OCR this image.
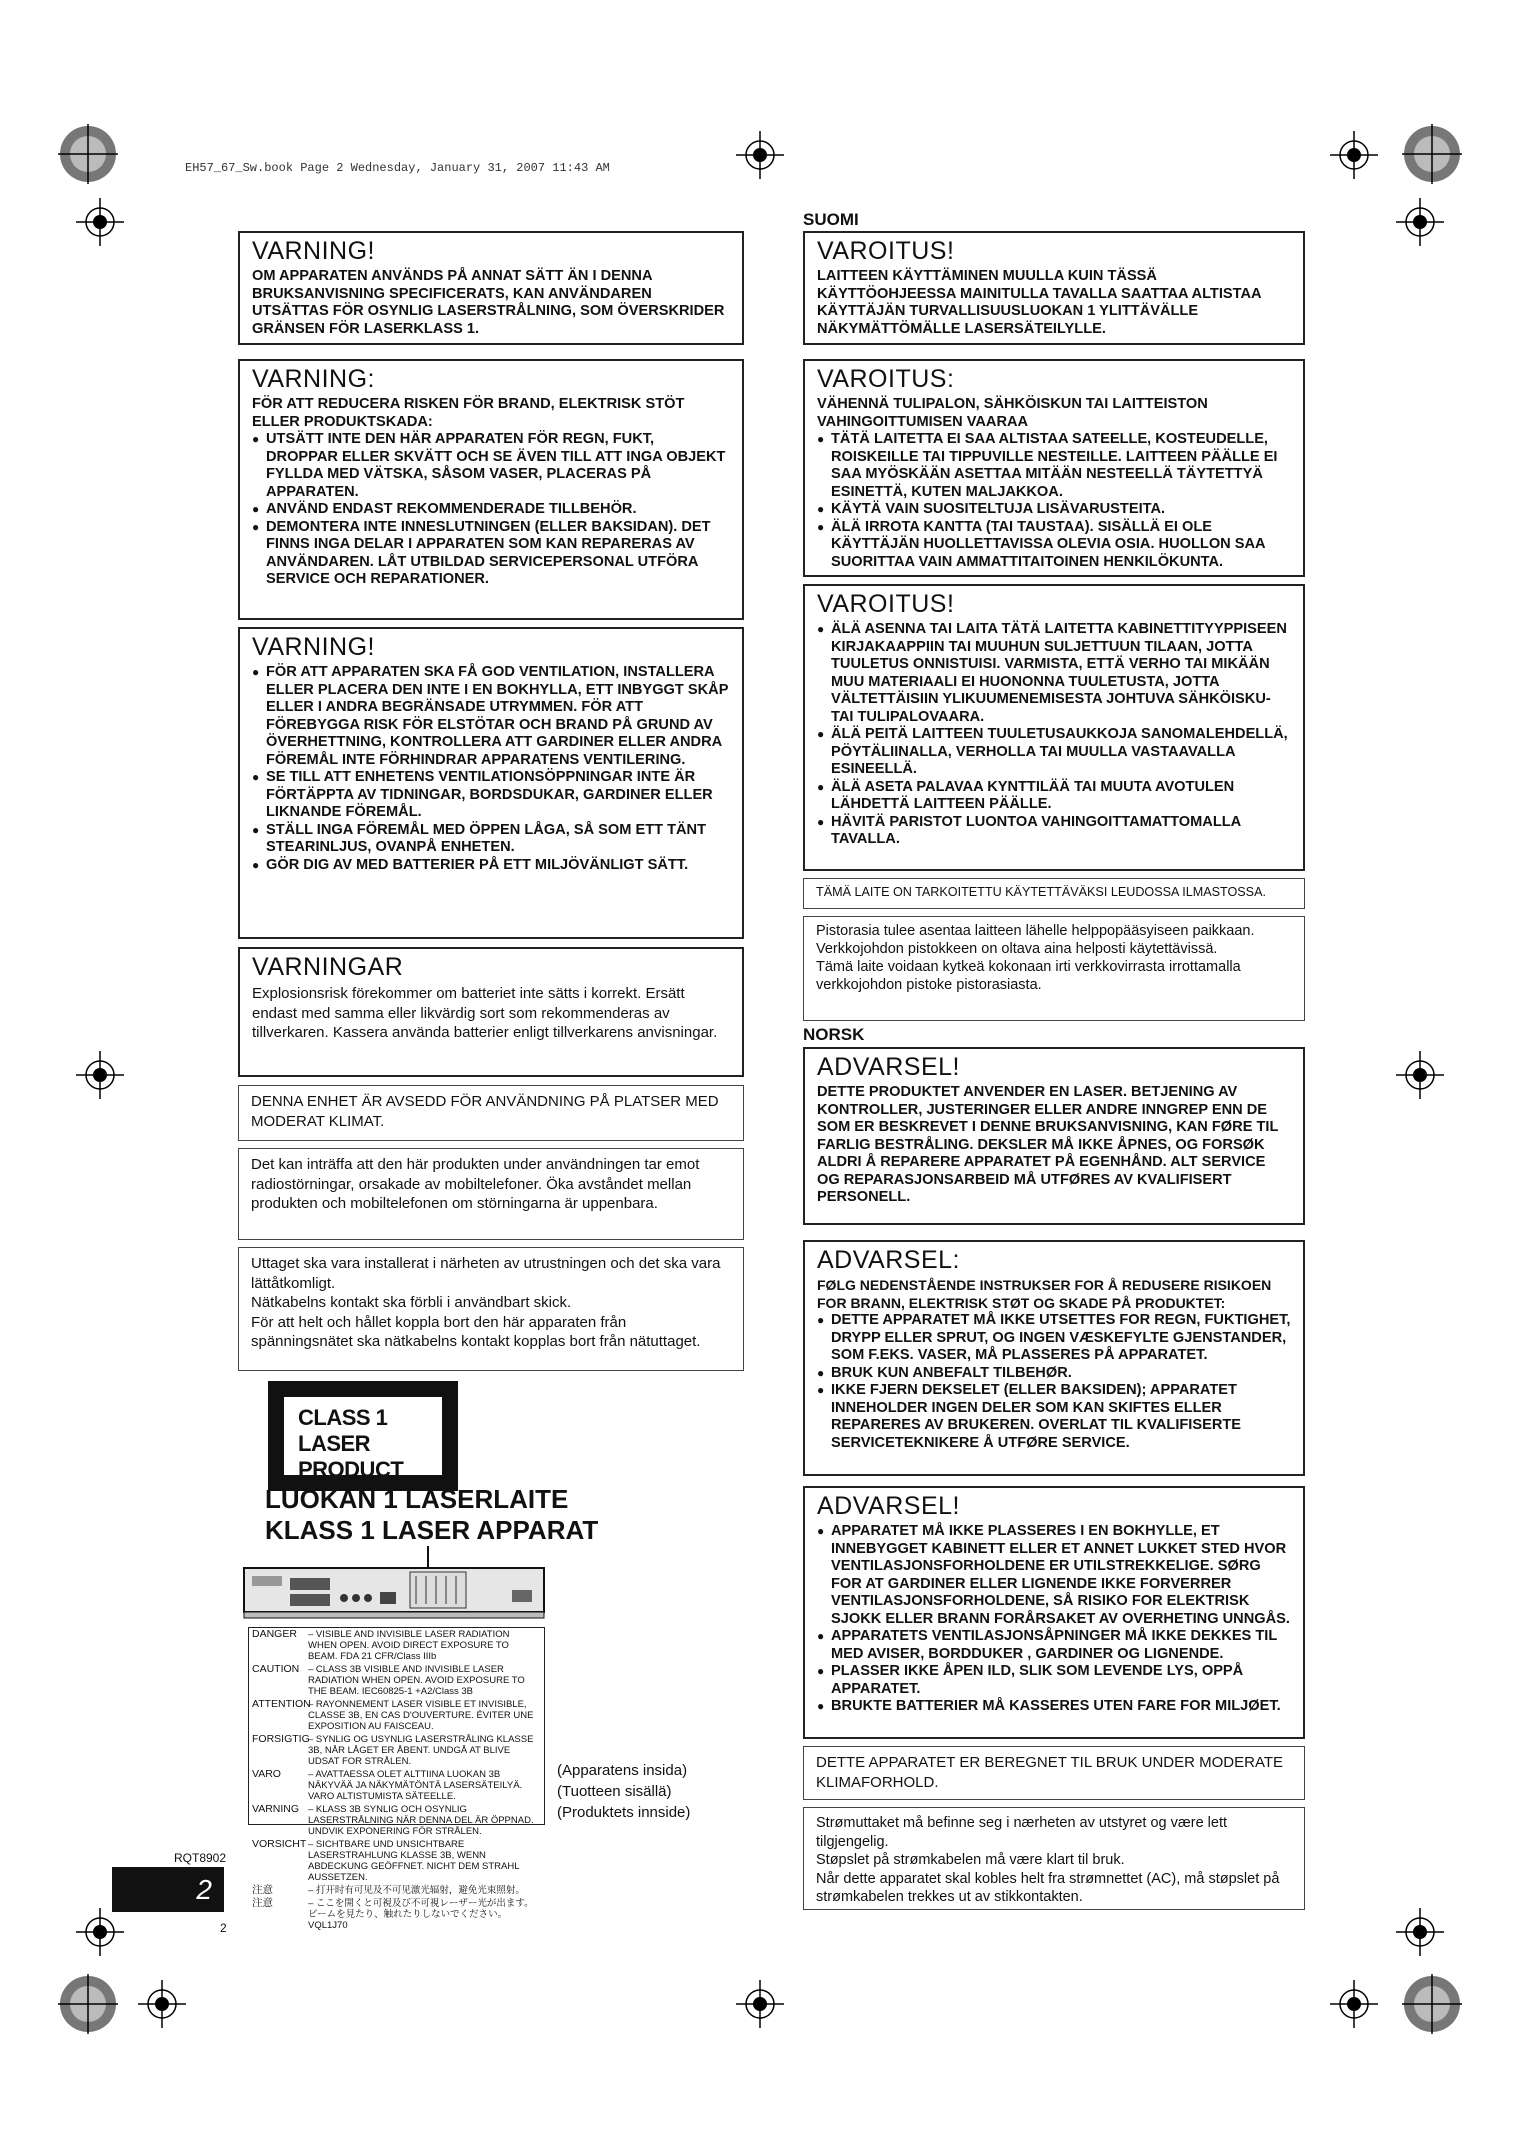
EH57_67_Sw.book Page 2 Wednesday, January 31, 2007 11:43 AM
VARNING!
OM APPARATEN ANVÄNDS PÅ ANNAT SÄTT ÄN I DENNA BRUKSANVISNING SPECIFICERATS, KAN ANVÄNDAREN UTSÄTTAS FÖR OSYNLIG LASERSTRÅLNING, SOM ÖVERSKRIDER GRÄNSEN FÖR LASERKLASS 1.
VARNING:
FÖR ATT REDUCERA RISKEN FÖR BRAND, ELEKTRISK STÖT ELLER PRODUKTSKADA:
● UTSÄTT INTE DEN HÄR APPARATEN FÖR REGN, FUKT, DROPPAR ELLER SKVÄTT OCH SE ÄVEN TILL ATT INGA OBJEKT FYLLDA MED VÄTSKA, SÅSOM VASER, PLACERAS PÅ APPARATEN.
● ANVÄND ENDAST REKOMMENDERADE TILLBEHÖR.
● DEMONTERA INTE INNESLUTNINGEN (ELLER BAKSIDAN). DET FINNS INGA DELAR I APPARATEN SOM KAN REPARERAS AV ANVÄNDAREN. LÅT UTBILDAD SERVICEPERSONAL UTFÖRA SERVICE OCH REPARATIONER.
VARNING!
● FÖR ATT APPARATEN SKA FÅ GOD VENTILATION, INSTALLERA ELLER PLACERA DEN INTE I EN BOKHYLLA, ETT INBYGGT SKÅP ELLER I ANDRA BEGRÄNSADE UTRYMMEN. FÖR ATT FÖREBYGGA RISK FÖR ELSTÖTAR OCH BRAND PÅ GRUND AV ÖVERHETTNING, KONTROLLERA ATT GARDINER ELLER ANDRA FÖREMÅL INTE FÖRHINDRAR APPARATENS VENTILERING.
● SE TILL ATT ENHETENS VENTILATIONSÖPPNINGAR INTE ÄR FÖRTÄPPTA AV TIDNINGAR, BORDSDUKAR, GARDINER ELLER LIKNANDE FÖREMÅL.
● STÄLL INGA FÖREMÅL MED ÖPPEN LÅGA, SÅ SOM ETT TÄNT STEARINLJUS, OVANPÅ ENHETEN.
● GÖR DIG AV MED BATTERIER PÅ ETT MILJÖVÄNLIGT SÄTT.
VARNINGAR
Explosionsrisk förekommer om batteriet inte sätts i korrekt. Ersätt endast med samma eller likvärdig sort som rekommenderas av tillverkaren. Kassera använda batterier enligt tillverkarens anvisningar.
DENNA ENHET ÄR AVSEDD FÖR ANVÄNDNING PÅ PLATSER MED MODERAT KLIMAT.
Det kan inträffa att den här produkten under användningen tar emot radiostörningar, orsakade av mobiltelefoner. Öka avståndet mellan produkten och mobiltelefonen om störningarna är uppenbara.

Uttaget ska vara installerat i närheten av utrustningen och det ska vara lättåtkomligt.

Nätkabelns kontakt ska förbli i användbart skick.

För att helt och hållet koppla bort den här apparaten från spänningsnätet ska nätkabelns kontakt kopplas bort från nätuttaget.

CLASS 1
LASER PRODUCT
LUOKAN 1 LASERLAITE
KLASS 1 LASER APPARAT
DANGER	– VISIBLE AND INVISIBLE LASER RADIATION WHEN OPEN. AVOID DIRECT EXPOSURE TO BEAM. FDA 21 CFR/Class IIIb
CAUTION – CLASS 3B VISIBLE AND INVISIBLE LASER RADIATION WHEN OPEN. AVOID EXPOSURE TO THE BEAM. IEC60825-1 +A2/Class 3B
ATTENTION
– RAYONNEMENT LASER VISIBLE ET INVISIBLE, CLASSE 3B, EN CAS D'OUVERTURE. ÉVITER UNE EXPOSITION AU FAISCEAU.
FORSIGTIG
– SYNLIG OG USYNLIG LASERSTRÅLING KLASSE 3B, NÅR LÅGET ER ÅBENT. UNDGÅ AT BLIVE UDSAT FOR STRÅLEN.
VARO	– AVATTAESSA OLET ALTTIINA LUOKAN 3B NÄKYVÄÄ JA NÄKYMÄTÖNTÄ LASERSÄTEILYÄ. VARO ALTISTUMISTA SÄTEELLE.
VARNING – KLASS 3B SYNLIG OCH OSYNLIG LASERSTRÅLNING NÄR DENNA DEL ÄR ÖPPNAD. UNDVIK EXPONERING FÖR STRÅLEN.
VORSICHT – SICHTBARE UND UNSICHTBARE LASERSTRAHLUNG KLASSE 3B, WENN ABDECKUNG GEÖFFNET. NICHT DEM STRAHL AUSSETZEN.
注意	– 打开时有可见及不可见激光辐射，避免光束照射。
注意	– ここを開くと可視及び不可視レーザー光が出ます。ビームを見たり、触れたりしないでください。 VQL1J70
(Apparatens insida)
(Tuotteen sisällä)
(Produktets innside)
RQT8902
2
2
SUOMI
VAROITUS!
LAITTEEN KÄYTTÄMINEN MUULLA KUIN TÄSSÄ KÄYTTÖOHJEESSA MAINITULLA TAVALLA SAATTAA ALTISTAA KÄYTTÄJÄN TURVALLISUUSLUOKAN 1 YLITTÄVÄLLE NÄKYMÄTTÖMÄLLE LASERSÄTEILYLLE.
VAROITUS:
VÄHENNÄ TULIPALON, SÄHKÖISKUN TAI LAITTEISTON VAHINGOITTUMISEN VAARAA
● TÄTÄ LAITETTA EI SAA ALTISTAA SATEELLE, KOSTEUDELLE, ROISKEILLE TAI TIPPUVILLE NESTEILLE. LAITTEEN PÄÄLLE EI SAA MYÖSKÄÄN ASETTAA MITÄÄN NESTEELLÄ TÄYTETTYÄ ESINETTÄ, KUTEN MALJAKKOA.
● KÄYTÄ VAIN SUOSITELTUJA LISÄVARUSTEITA.
● ÄLÄ IRROTA KANTTA (TAI TAUSTAA). SISÄLLÄ EI OLE KÄYTTÄJÄN HUOLLETTAVISSA OLEVIA OSIA. HUOLLON SAA SUORITTAA VAIN AMMATTITAITOINEN HENKILÖKUNTA.
VAROITUS!
● ÄLÄ ASENNA TAI LAITA TÄTÄ LAITETTA KABINETTITYYPPISEEN KIRJAKAAPPIIN TAI MUUHUN SULJETTUUN TILAAN, JOTTA TUULETUS ONNISTUISI. VARMISTA, ETTÄ VERHO TAI MIKÄÄN MUU MATERIAALI EI HUONONNA TUULETUSTA, JOTTA VÄLTETTÄISIIN YLIKUUMENEMISESTA JOHTUVA SÄHKÖISKU- TAI TULIPALOVAARA.
● ÄLÄ PEITÄ LAITTEEN TUULETUSAUKKOJA SANOMALEHDELLÄ, PÖYTÄLIINALLA, VERHOLLA TAI MUULLA VASTAAVALLA ESINEELLÄ.
● ÄLÄ ASETA PALAVAA KYNTTILÄÄ TAI MUUTA AVOTULEN LÄHDETTÄ LAITTEEN PÄÄLLE.
● HÄVITÄ PARISTOT LUONTOA VAHINGOITTAMATTOMALLA TAVALLA.
TÄMÄ LAITE ON TARKOITETTU KÄYTETTÄVÄKSI LEUDOSSA ILMASTOSSA.

Pistorasia tulee asentaa laitteen lähelle helppopääsyiseen paikkaan.

Verkkojohdon pistokkeen on oltava aina helposti käytettävissä.

Tämä laite voidaan kytkeä kokonaan irti verkkovirrasta irrottamalla verkkojohdon pistoke pistorasiasta.

NORSK
ADVARSEL!
DETTE PRODUKTET ANVENDER EN LASER. BETJENING AV KONTROLLER, JUSTERINGER ELLER ANDRE INNGREP ENN DE SOM ER BESKREVET I DENNE BRUKSANVISNING, KAN FØRE TIL FARLIG BESTRÅLING. DEKSLER MÅ IKKE ÅPNES, OG FORSØK ALDRI Å REPARERE APPARATET PÅ EGENHÅND. ALT SERVICE OG REPARASJONSARBEID MÅ UTFØRES AV KVALIFISERT PERSONELL.
ADVARSEL:
FØLG NEDENSTÅENDE INSTRUKSER FOR Å REDUSERE RISIKOEN FOR BRANN, ELEKTRISK STØT OG SKADE PÅ PRODUKTET:
● DETTE APPARATET MÅ IKKE UTSETTES FOR REGN, FUKTIGHET, DRYPP ELLER SPRUT, OG INGEN VÆSKEFYLTE GJENSTANDER, SOM F.EKS. VASER, MÅ PLASSERES PÅ APPARATET.
● BRUK KUN ANBEFALT TILBEHØR.
● IKKE FJERN DEKSELET (ELLER BAKSIDEN); APPARATET INNEHOLDER INGEN DELER SOM KAN SKIFTES ELLER REPARERES AV BRUKEREN. OVERLAT TIL KVALIFISERTE SERVICETEKNIKERE Å UTFØRE SERVICE.
ADVARSEL!
● APPARATET MÅ IKKE PLASSERES I EN BOKHYLLE, ET INNEBYGGET KABINETT ELLER ET ANNET LUKKET STED HVOR VENTILASJONSFORHOLDENE ER UTILSTREKKELIGE. SØRG FOR AT GARDINER ELLER LIGNENDE IKKE FORVERRER VENTILASJONSFORHOLDENE, SÅ RISIKO FOR ELEKTRISK SJOKK ELLER BRANN FORÅRSAKET AV OVERHETING UNNGÅS.
● APPARATETS VENTILASJONSÅPNINGER MÅ IKKE DEKKES TIL MED AVISER, BORDDUKER , GARDINER OG LIGNENDE.
● PLASSER IKKE ÅPEN ILD, SLIK SOM LEVENDE LYS, OPPÅ APPARATET.
● BRUKTE BATTERIER MÅ KASSERES UTEN FARE FOR MILJØET.
DETTE APPARATET ER BEREGNET TIL BRUK UNDER MODERATE KLIMAFORHOLD.

Strømuttaket må befinne seg i nærheten av utstyret og være lett tilgjengelig.

Støpslet på strømkabelen må være klart til bruk.

Når dette apparatet skal kobles helt fra strømnettet (AC), må støpslet på strømkabelen trekkes ut av stikkontakten.
